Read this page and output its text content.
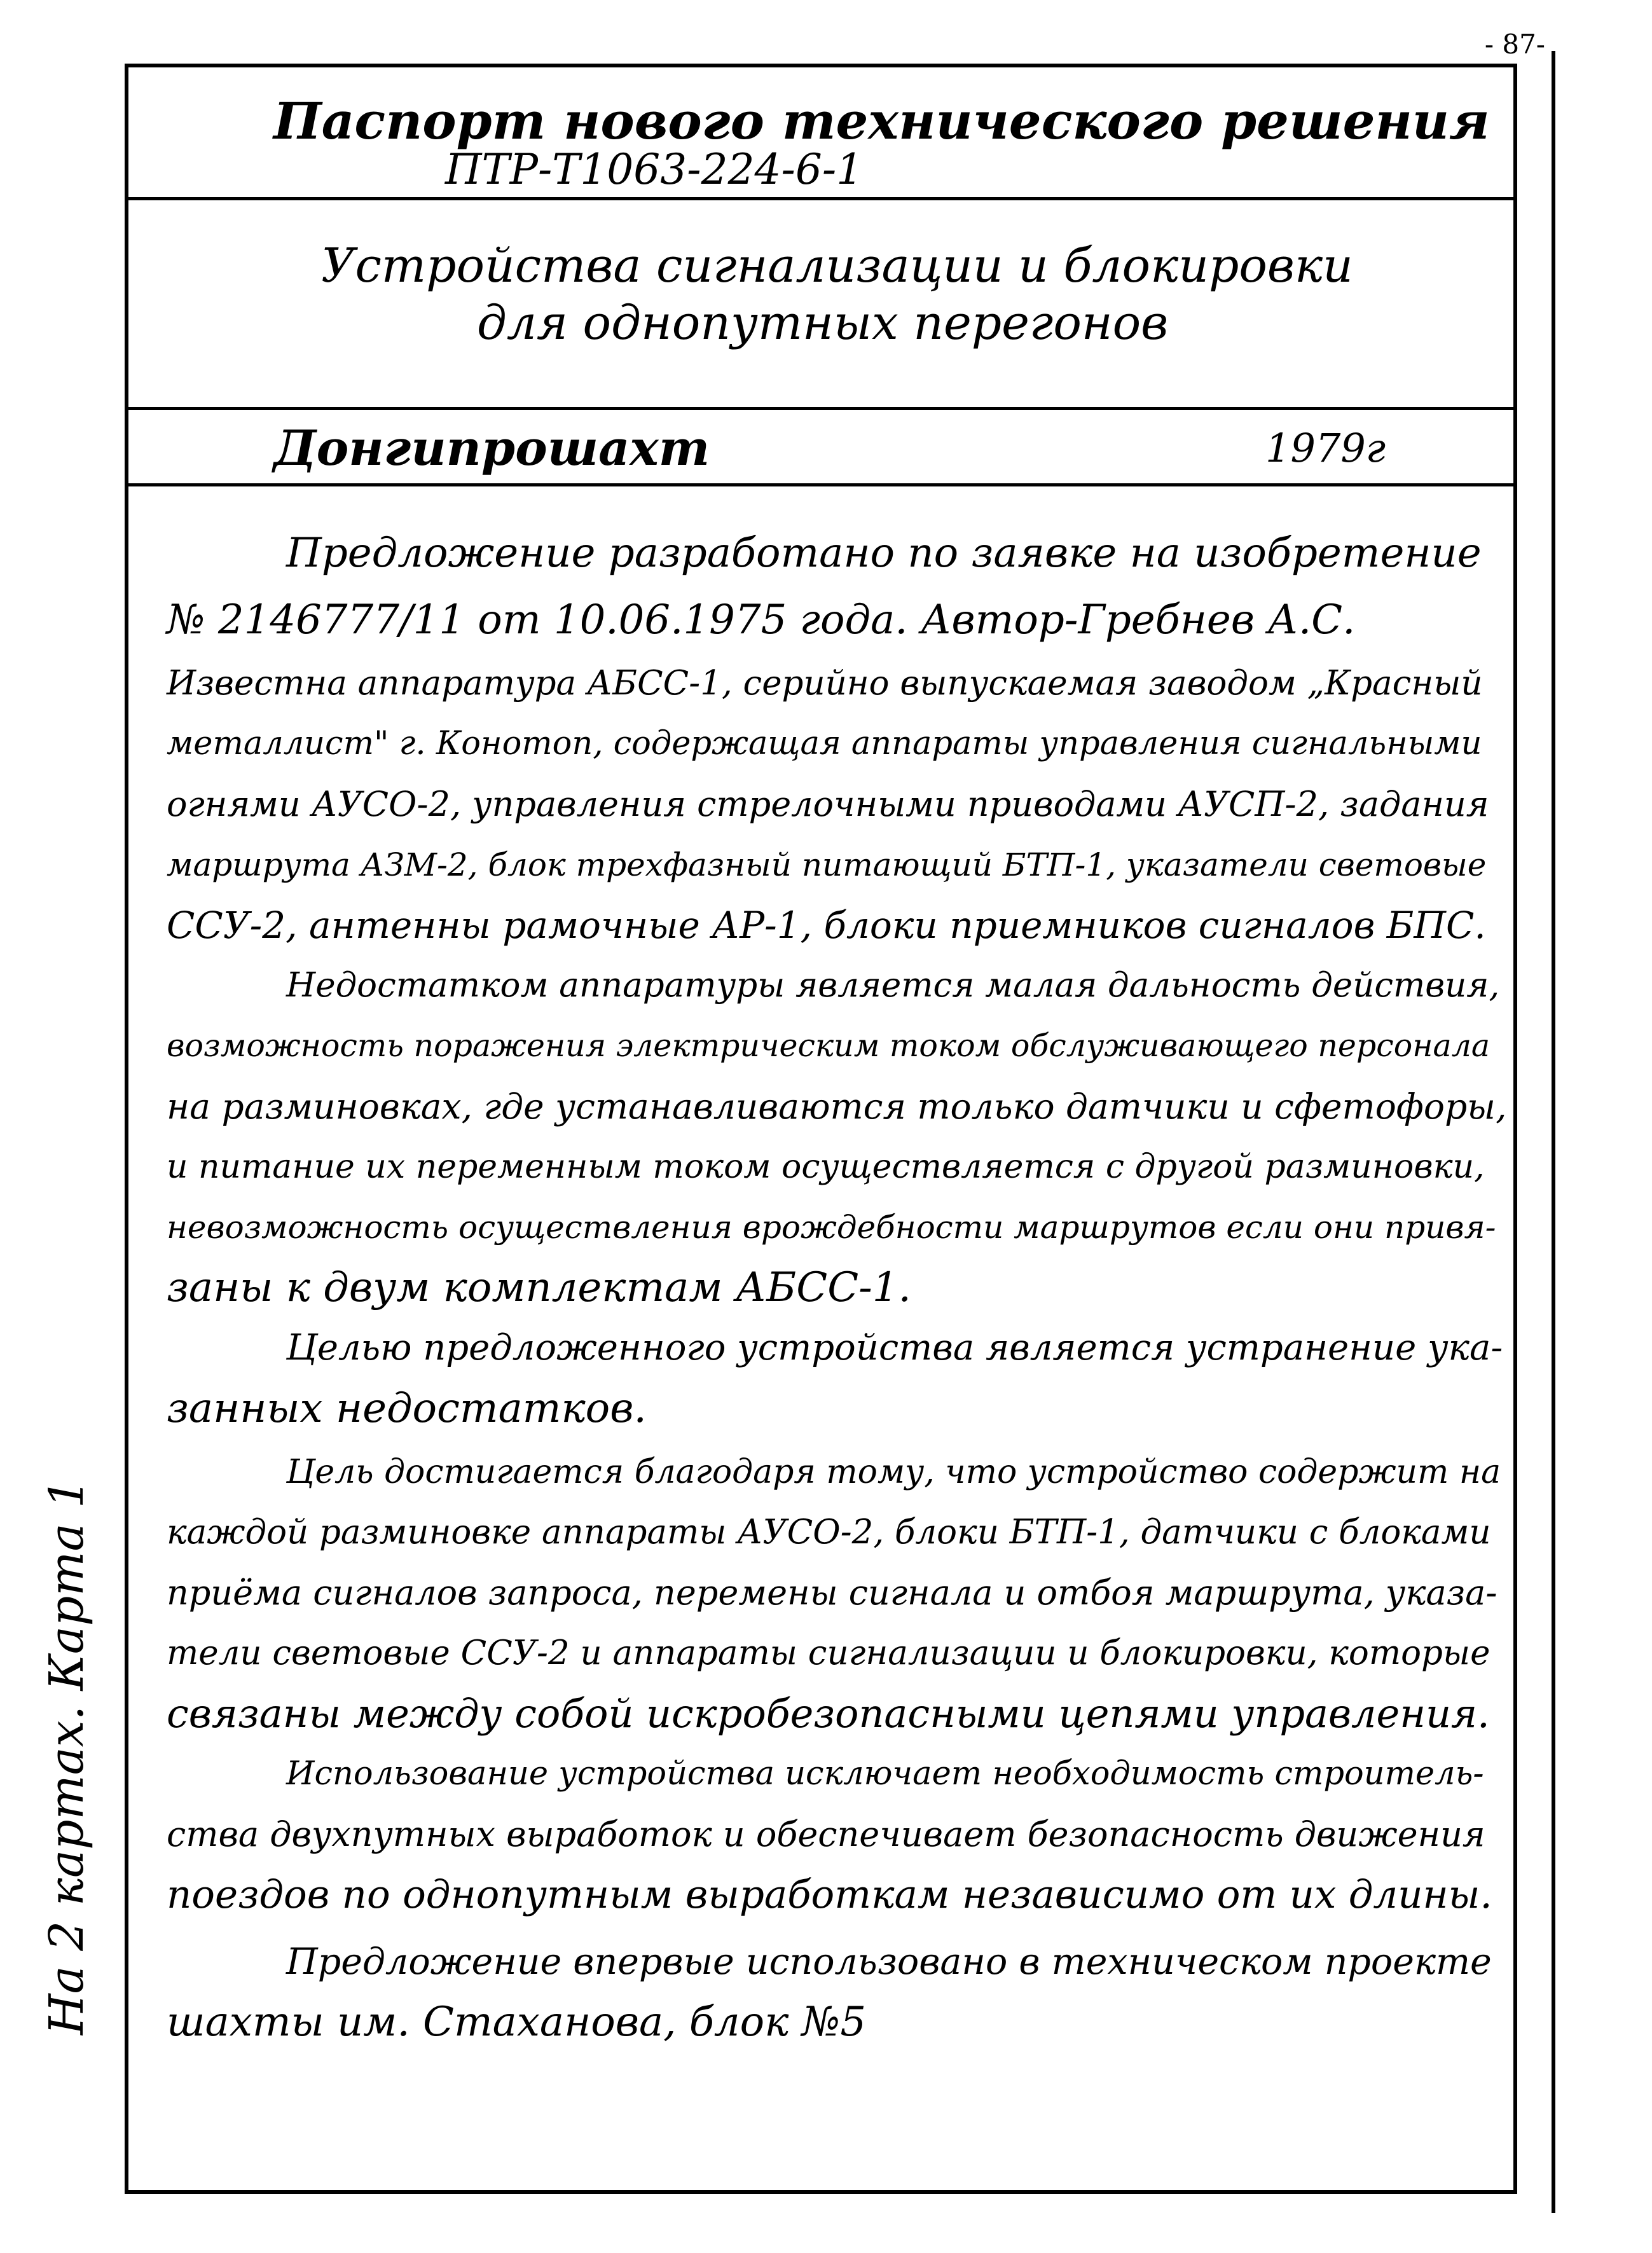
- 87-
Паспорт нового технического решения
ПТР-Т1063-224-6-1
Устройства сигнализации и блокировки
для однопутных перегонов
Донгипрошахт	1979г
Предложение разработано по заявке на изобретение
№ 2146777/11 от 10.06.1975 года. Автор-Гребнев А.С.
Известна аппаратура АБСС-1, серийно выпускаемая заводом „Красный
металлист" г. Конотоп, содержащая аппараты управления сигнальными
огнями АУСО-2, управления стрелочными приводами АУСП-2, задания
маршрута АЗМ-2, блок трехфазный питающий БТП-1, указатели световые
ССУ-2, антенны рамочные АР-1, блоки приемников сигналов БПС.
Недостатком аппаратуры является малая дальность действия,
возможность поражения электрическим током обслуживающего персонала
на разминовках, где устанавливаются только датчики и сфетофоры,
и питание их переменным током осуществляется с другой разминовки,
невозможность осуществления врождебности маршрутов если они привя-
заны к двум комплектам АБСС-1.
Целью предложенного устройства является устранение ука-
занных недостатков.
Цель достигается благодаря тому, что устройство содержит на
каждой разминовке аппараты АУСО-2, блоки БТП-1, датчики с блоками
приёма сигналов запроса, перемены сигнала и отбоя маршрута, указа-
тели световые ССУ-2 и аппараты сигнализации и блокировки, которые
связаны между собой искробезопасными цепями управления.
Использование устройства исключает необходимость строитель-
ства двухпутных выработок и обеспечивает безопасность движения
поездов по однопутным выработкам независимо от их длины.
Предложение впервые использовано в техническом проекте
шахты им. Стаханова, блок №5
На 2 картах. Карта 1
